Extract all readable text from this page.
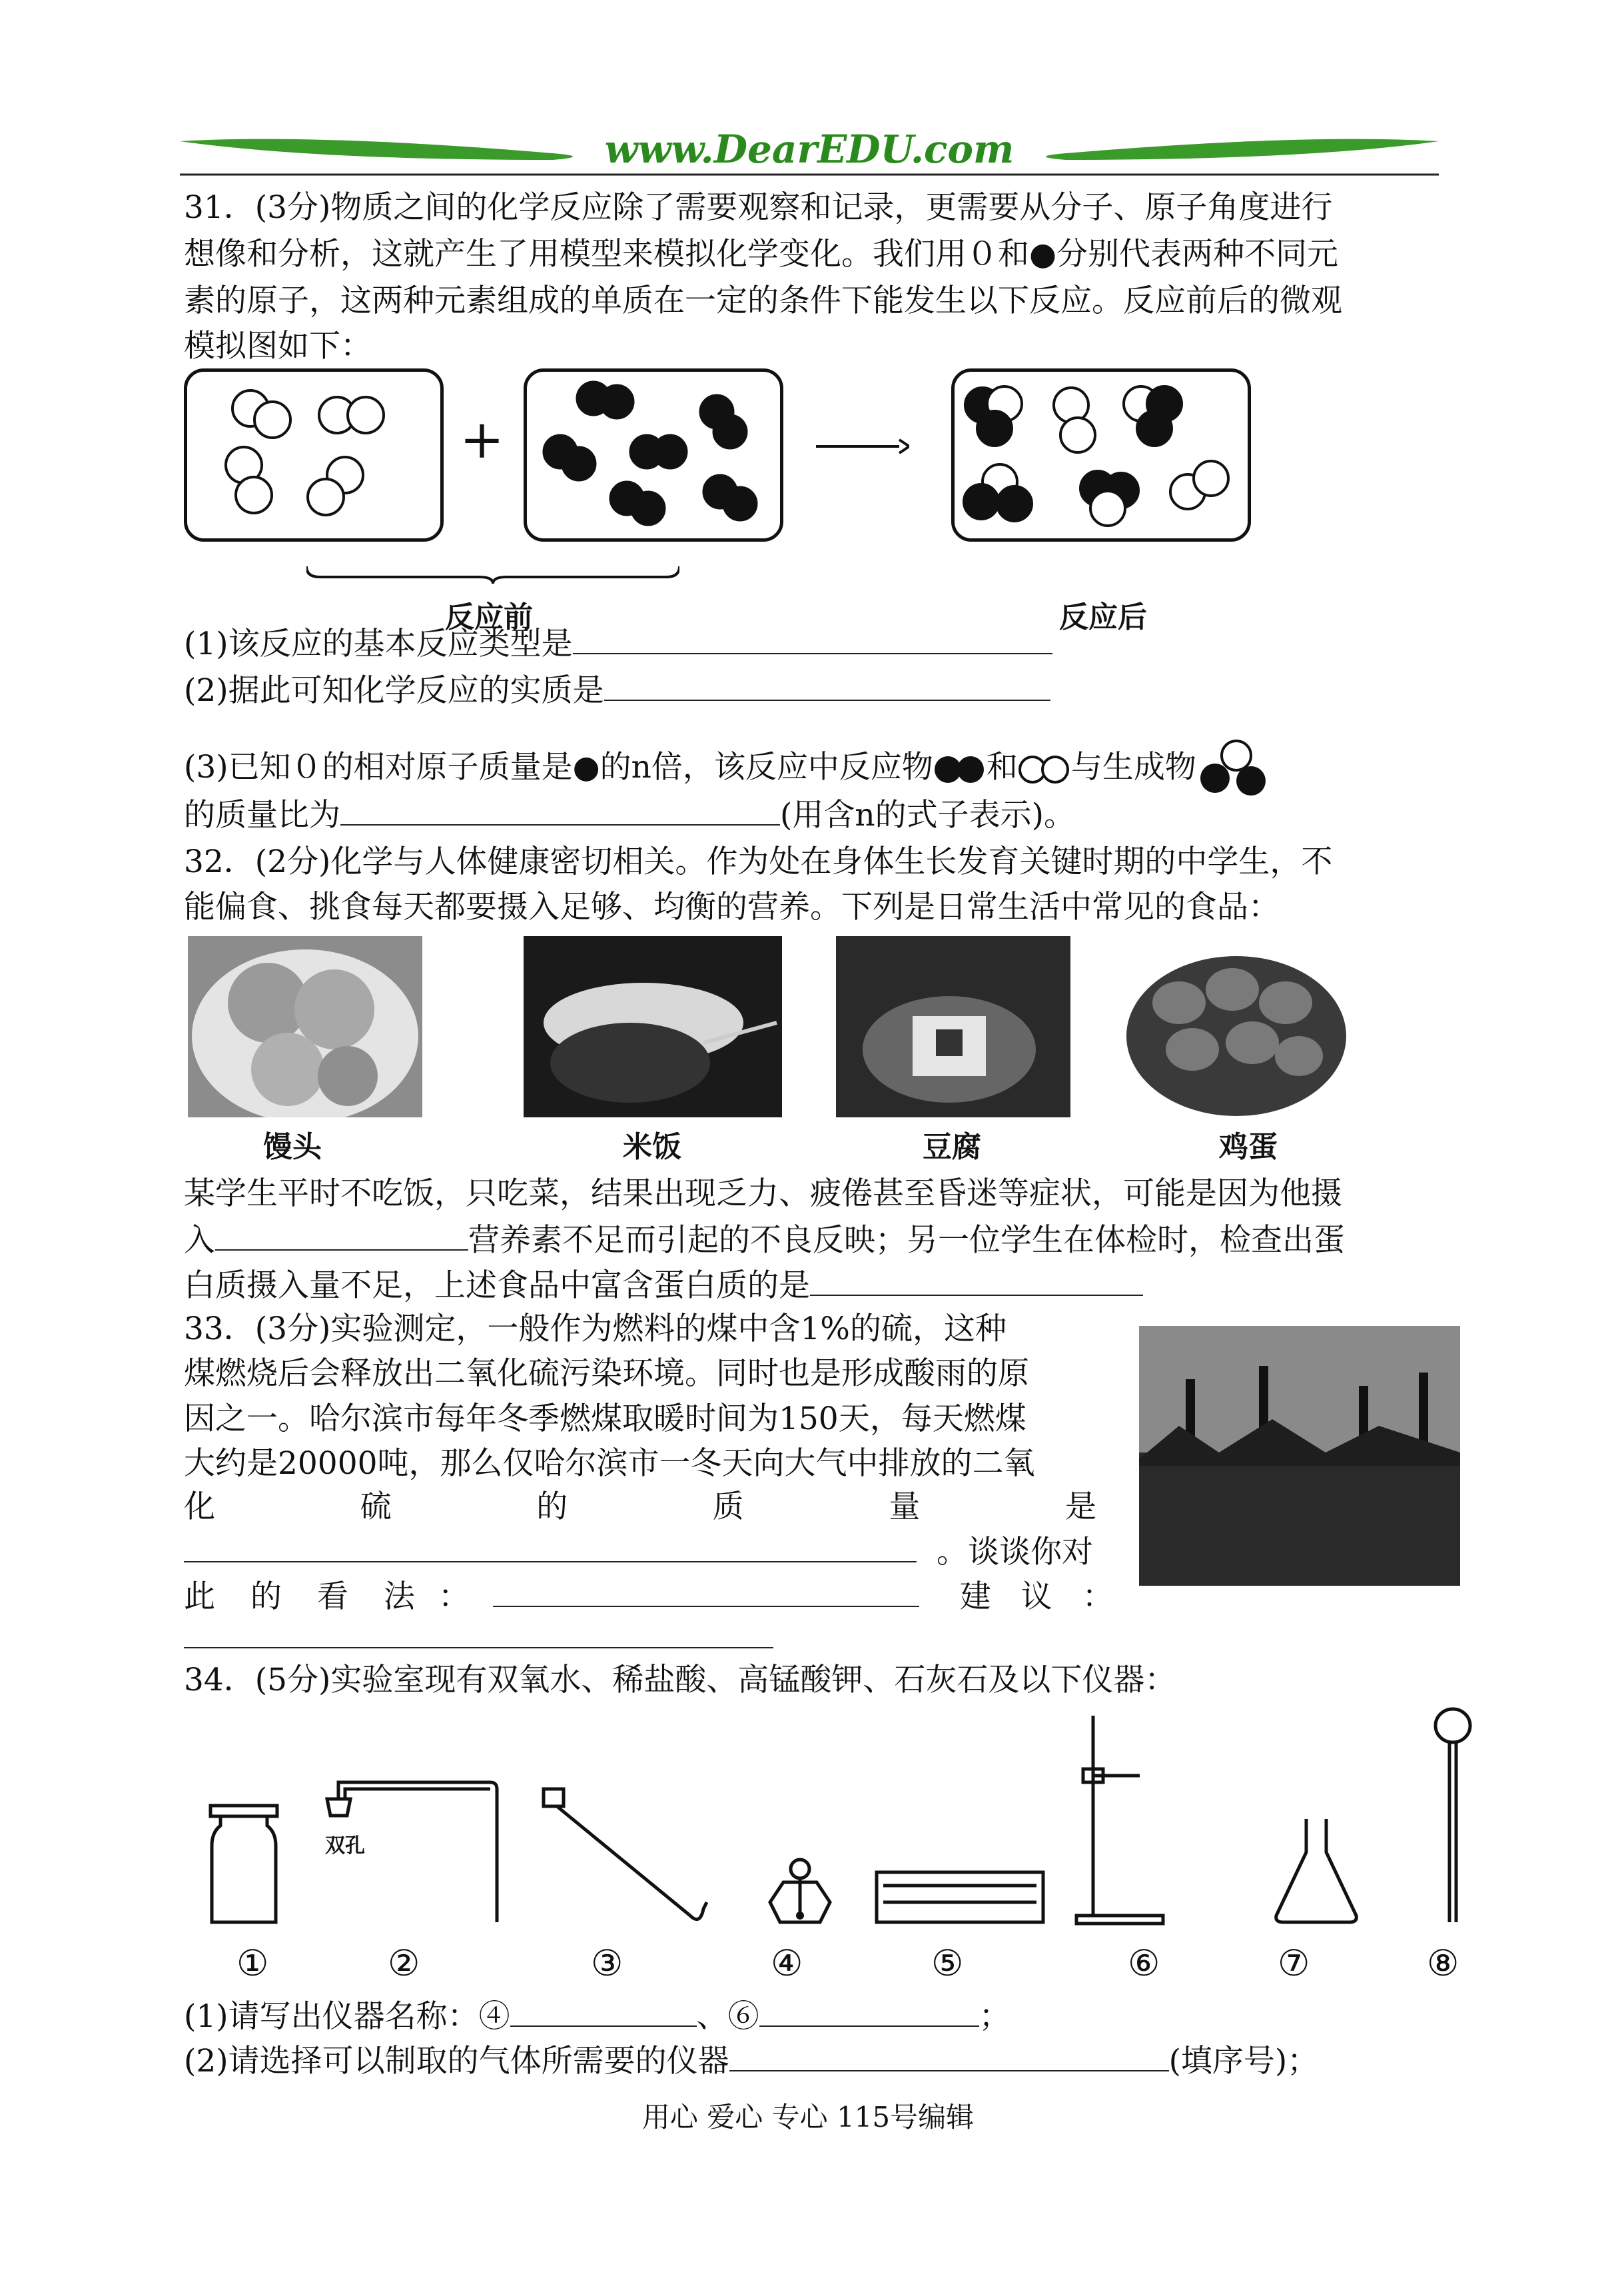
www.DearEDU.com
31．(3分)物质之间的化学反应除了需要观察和记录，更需要从分子、原子角度进行
想像和分析，这就产生了用模型来模拟化学变化。我们用０和●分别代表两种不同元
素的原子，这两种元素组成的单质在一定的条件下能发生以下反应。反应前后的微观
模拟图如下：
+
反应前	反应后
(1)该反应的基本反应类型是
(2)据此可知化学反应的实质是
(3)已知０的相对原子质量是●的n倍，该反应中反应物 和 与生成物
的质量比为	(用含n的式子表示)。
32．(2分)化学与人体健康密切相关。作为处在身体生长发育关键时期的中学生，不
能偏食、挑食每天都要摄入足够、均衡的营养。下列是日常生活中常见的食品：
馒头	米饭	豆腐	鸡蛋
某学生平时不吃饭，只吃菜，结果出现乏力、疲倦甚至昏迷等症状，可能是因为他摄
入	营养素不足而引起的不良反映；另一位学生在体检时，检查出蛋
白质摄入量不足，上述食品中富含蛋白质的是
33．(3分)实验测定，一般作为燃料的煤中含1%的硫，这种
煤燃烧后会释放出二氧化硫污染环境。同时也是形成酸雨的原
因之一。哈尔滨市每年冬季燃煤取暖时间为150天，每天燃煤
大约是20000吨，那么仅哈尔滨市一冬天向大气中排放的二氧
化	硫	的	质	量	是
。谈谈你对
此 的 看 法 ：	建 议 ：
34．(5分)实验室现有双氧水、稀盐酸、高锰酸钾、石灰石及以下仪器：
双孔
①	②	③	④	⑤	⑥	⑦	⑧
(1)请写出仪器名称：④	、⑥	；
(2)请选择可以制取的气体所需要的仪器	(填序号)；
用心 爱心 专心 115号编辑
